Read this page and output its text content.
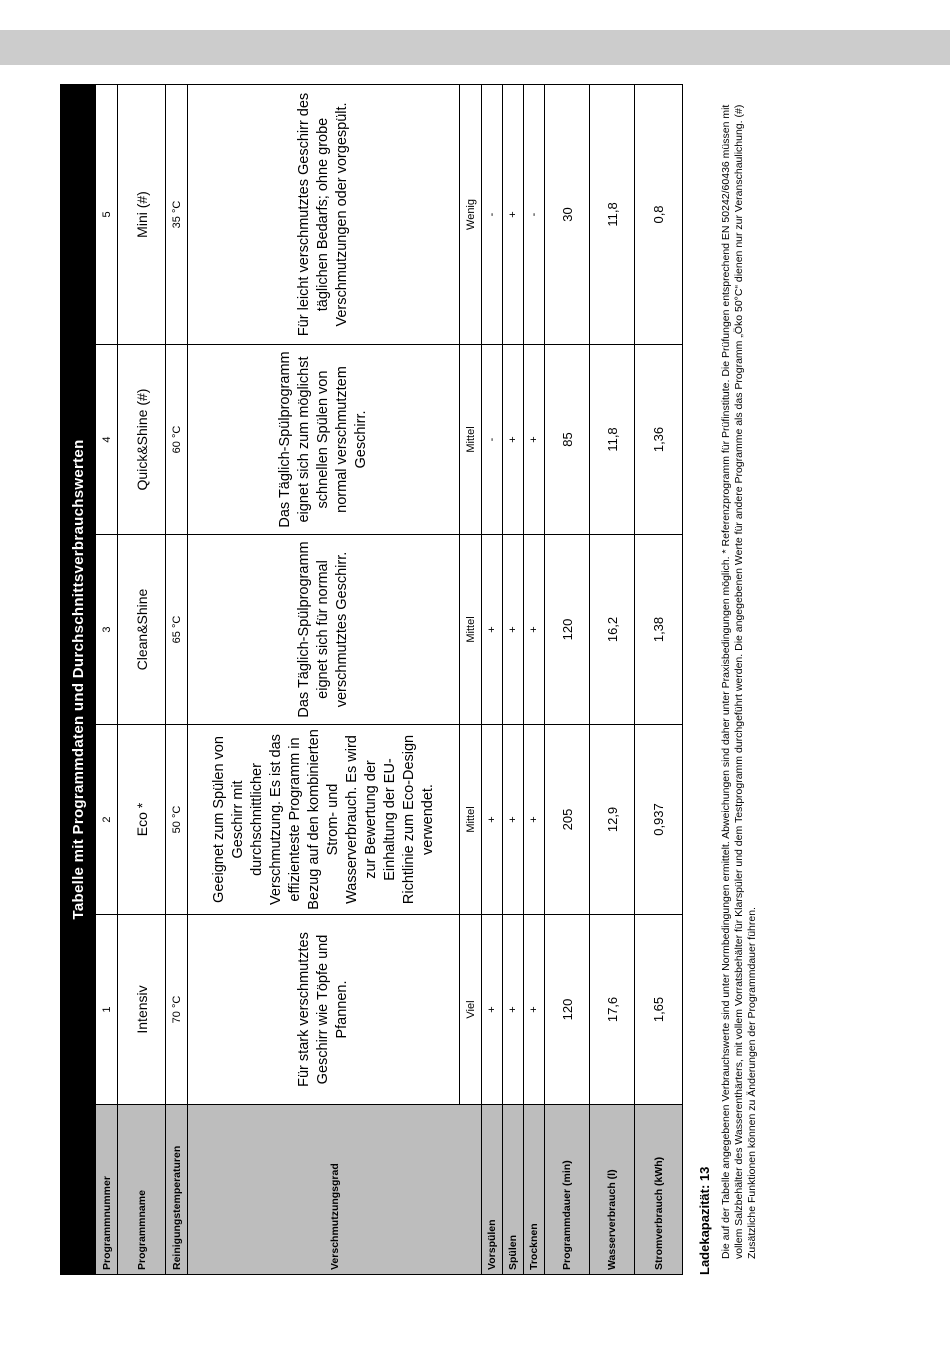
Tabelle mit Programmdaten und Durchschnittsverbrauchswerten					
Programmnummer	1	2	3	4	5
Programmname	Intensiv	Eco *	Clean&Shine	Quick&Shine (#)	Mini (#)
Reinigungstemperaturen	70 °C	50 °C	65 °C	60 °C	35 °C
Verschmutzungsgrad	Für stark verschmutztes Geschirr wie Töpfe und Pfannen.	Geeignet zum Spülen von Geschirr mit durchschnittlicher Verschmutzung. Es ist das effizienteste Programm in Bezug auf den kombinierten Strom- und Wasserverbrauch. Es wird zur Bewertung der Einhaltung der EU-Richtlinie zum Eco-Design verwendet.	Das Täglich-Spülprogramm eignet sich für normal verschmutztes Geschirr.	Das Täglich-Spülprogramm eignet sich zum möglichst schnellen Spülen von normal verschmutztem Geschirr.	Für leicht verschmutztes Geschirr des täglichen Bedarfs; ohne grobe Verschmutzungen oder vorgespült.
	Viel	Mittel	Mittel	Mittel	Wenig
Vorspülen	+	+	+	-	-
Spülen	+	+	+	+	+
Trocknen	+	+	+	+	-
Programmdauer (min)	120	205	120	85	30
Wasserverbrauch (l)	17,6	12,9	16,2	11,8	11,8
Stromverbrauch (kWh)	1,65	0,937	1,38	1,36	0,8
Ladekapazität: 13 Die auf der Tabelle angegebenen Verbrauchswerte sind unter Normbedingungen ermittelt. Abweichungen sind daher unter Praxisbedingungen möglich. * Referenzprogramm für Prüfinstitute. Die Prüfungen entsprechend EN 50242/60436 müssen mit vollem Salzbehälter des Wasserenthärters, mit vollem Vorratsbehälter für Klarspüler und dem Testprogramm durchgeführt werden. Die angegebenen Werte für andere Programme als das Programm „Öko 50°C“ dienen nur zur Veranschaulichung. (#) Zusätzliche Funktionen können zu Änderungen der Programmdauer führen.
